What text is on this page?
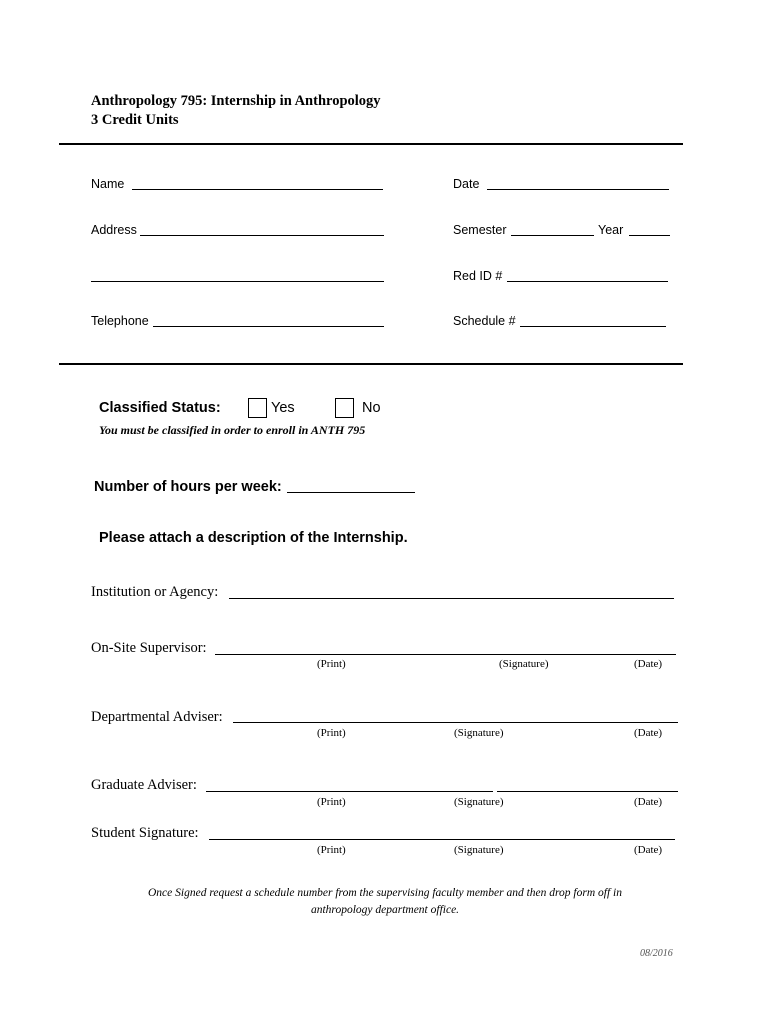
Anthropology 795: Internship in Anthropology
3 Credit Units
Name	Date
Address	Semester	Year
Red ID #
Telephone	Schedule #
Classified Status:	Yes	No
You must be classified in order to enroll in ANTH 795
Number of hours per week:
Please attach a description of the Internship.
Institution or Agency:
On-Site Supervisor:
(Print)	(Signature)	(Date)
Departmental Adviser:
(Print)	(Signature)	(Date)
Graduate Adviser:
(Print)	(Signature)	(Date)
Student Signature:
(Print)	(Signature)	(Date)
Once Signed request a schedule number from the supervising faculty member and then drop form off in
anthropology department office.
08/2016
